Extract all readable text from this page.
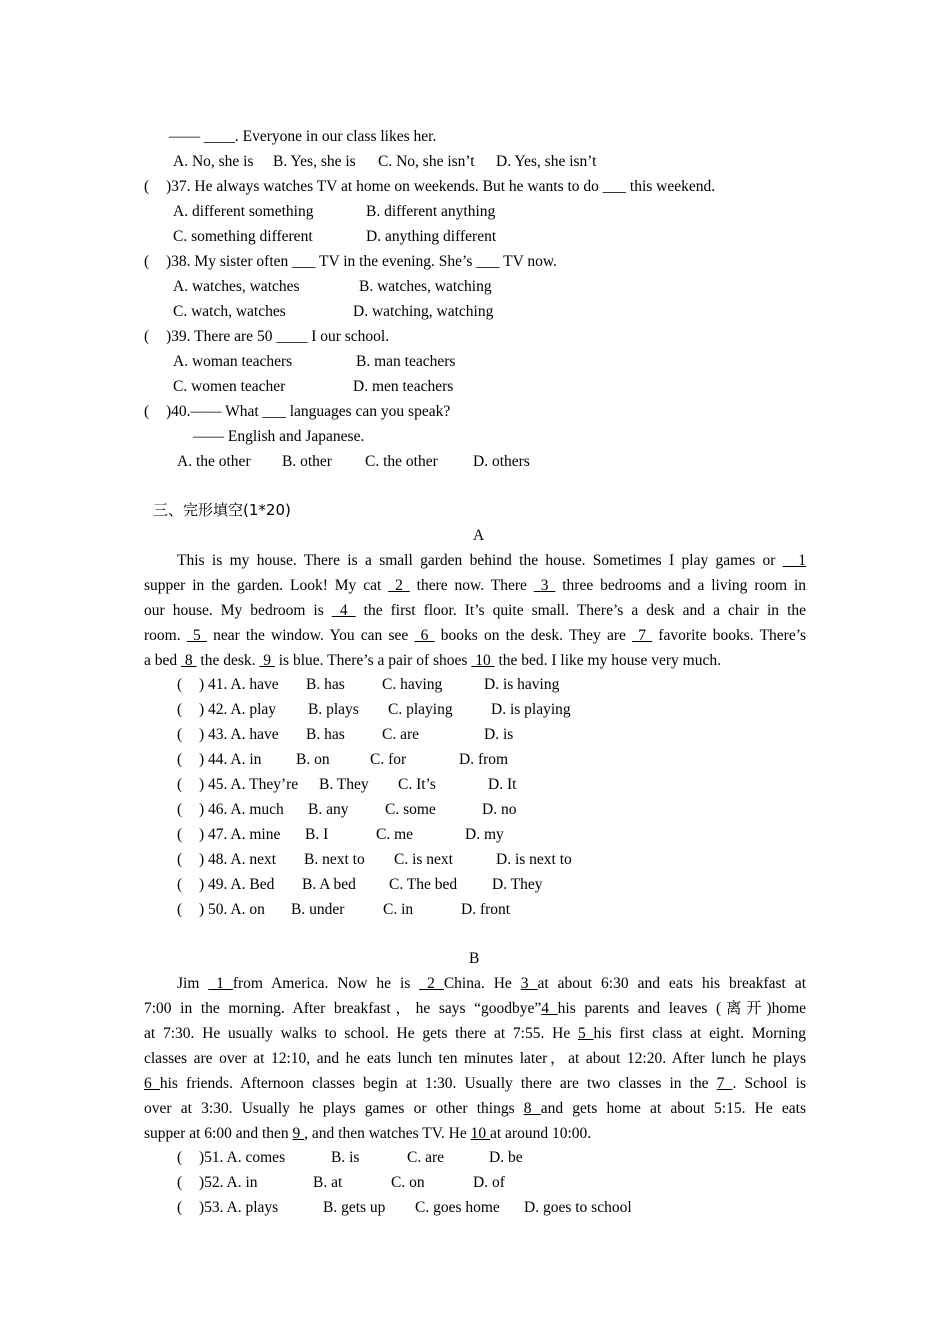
—— ____. Everyone in our class likes her.

A. No, she is

B. Yes, she is

C. No, she isn’t

D. Yes, she isn’t

(

)37. He always watches TV at home on weekends. But he wants to do ___ this weekend.

A. different something

	B. different anything

C. something different

	D. anything different

(

)38. My sister often ___ TV in the evening. She’s ___ TV now.

A. watches, watches

	B. watches, watching

C. watch, watches

	D. watching, watching

(

)39. There are 50 ____ I our school.

A. woman teachers

	B. man teachers

C. women teacher

	D. men teachers

(

)40.—— What ___ languages can you speak?

—— English and Japanese.

A. the other

B. other

C. the other

D. others

三、完形填空(1*20)

A
This is my house. There is a small garden behind the house. Sometimes I play games or __1
supper in the garden. Look! My cat  2  there now. There  3  three bedrooms and a living room in
our house. My bedroom is  4  the first floor. It’s quite small. There’s a desk and a chair in the
room.  5  near the window. You can see  6  books on the desk. They are  7  favorite books. There’s
a bed  8  the desk.  9  is blue. There’s a pair of shoes  10  the bed. I like my house very much.
( ) 41. A. have B. has C. having	D. is having
( ) 42. A. play B. plays C. playing D. is playing
( ) 43. A. have B. has C. are	D. is
( ) 44. A. in B. on	C. for	D. from
( ) 45. A. They’re B. They C. It’s	D. It
( ) 46. A. much B. any C. some	D. no
( ) 47. A. mine B. I	C. me	D. my
( ) 48. A. next B. next to C. is next	D. is next to
( ) 49. A. Bed B. A bed C. The bed D. They
( ) 50. A. on B. under C. in	D. front
B
Jim _1 from America. Now he is _2 China. He 3 at about 6:30 and eats his breakfast at
7:00 in the morning. After breakfast，he says “goodbye”4 his parents and leaves (离开)home
at 7:30. He usually walks to school. He gets there at 7:55. He 5 his first class at eight. Morning
classes are over at 12:10, and he eats lunch ten minutes later，at about 12:20. After lunch he plays
6 his friends. Afternoon classes begin at 1:30. Usually there are two classes in the 7 . School is
over at 3:30. Usually he plays games or other things 8 and gets home at about 5:15. He eats
supper at 6:00 and then 9 , and then watches TV. He 10 at around 10:00.
( )51. A. comes	B. is	C. are	D. be
( )52. A. in	B. at	C. on	D. of
( )53. A. plays	B. gets up C. goes home D. goes to school
